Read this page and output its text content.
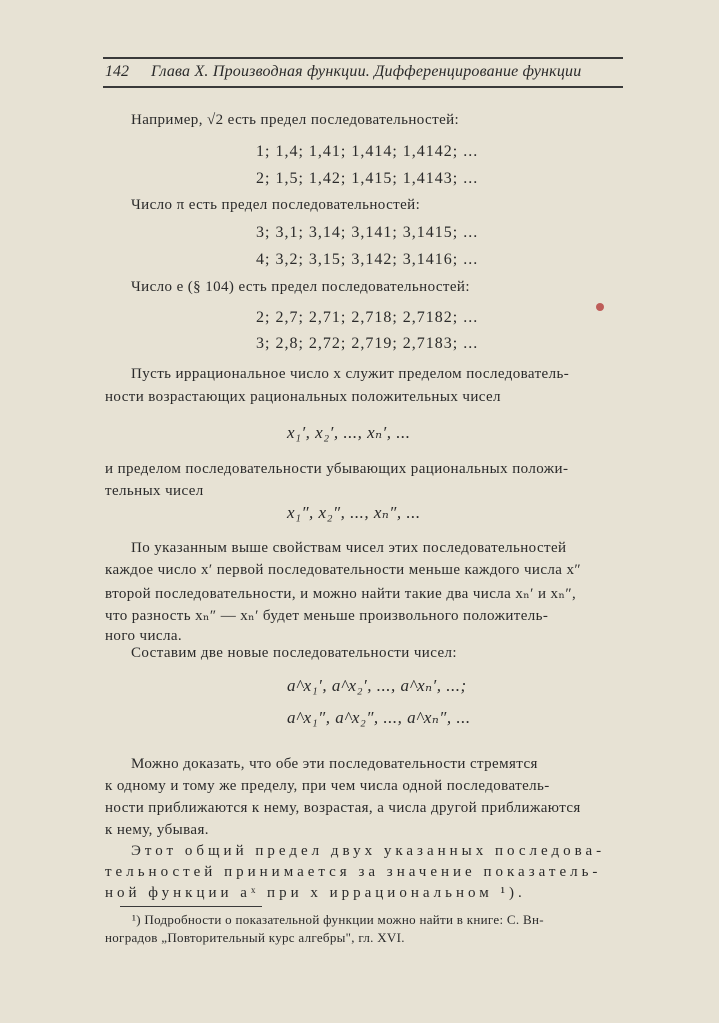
142 Глава X. Производная функции. Дифференцирование функции
Например, √2 есть предел последовательностей:
1; 1,4; 1,41; 1,414; 1,4142; ...
2; 1,5; 1,42; 1,415; 1,4143; ...
Число π есть предел последовательностей:
3; 3,1; 3,14; 3,141; 3,1415; ...
4; 3,2; 3,15; 3,142; 3,1416; ...
Число e (§ 104) есть предел последовательностей:
2; 2,7; 2,71; 2,718; 2,7182; ...
3; 2,8; 2,72; 2,719; 2,7183; ...
Пусть иррациональное число x служит пределом последователь-
ности возрастающих рациональных положительных чисел
x₁′, x₂′, ..., xₙ′, ...
и пределом последовательности убывающих рациональных положи-
тельных чисел
x₁″, x₂″, ..., xₙ″, ...
По указанным выше свойствам чисел этих последовательностей
каждое число x′ первой последовательности меньше каждого числа x″
второй последовательности, и можно найти такие два числа xₙ′ и xₙ″,
что разность xₙ″ — xₙ′ будет меньше произвольного положитель-
ного числа.
Составим две новые последовательности чисел:
a^x₁′, a^x₂′, ..., a^xₙ′, ...;
a^x₁″, a^x₂″, ..., a^xₙ″, ...
Можно доказать, что обе эти последовательности стремятся
к одному и тому же пределу, при чем числа одной последователь-
ности приближаются к нему, возрастая, а числа другой приближаются
к нему, убывая.
Этот общий предел двух указанных последова-
тельностей принимается за значение показатель-
ной функции aˣ при x иррациональном ¹).
¹) Подробности о показательной функции можно найти в книге: С. Вн-
ноградов „Повторительный курс алгебры", гл. XVI.
